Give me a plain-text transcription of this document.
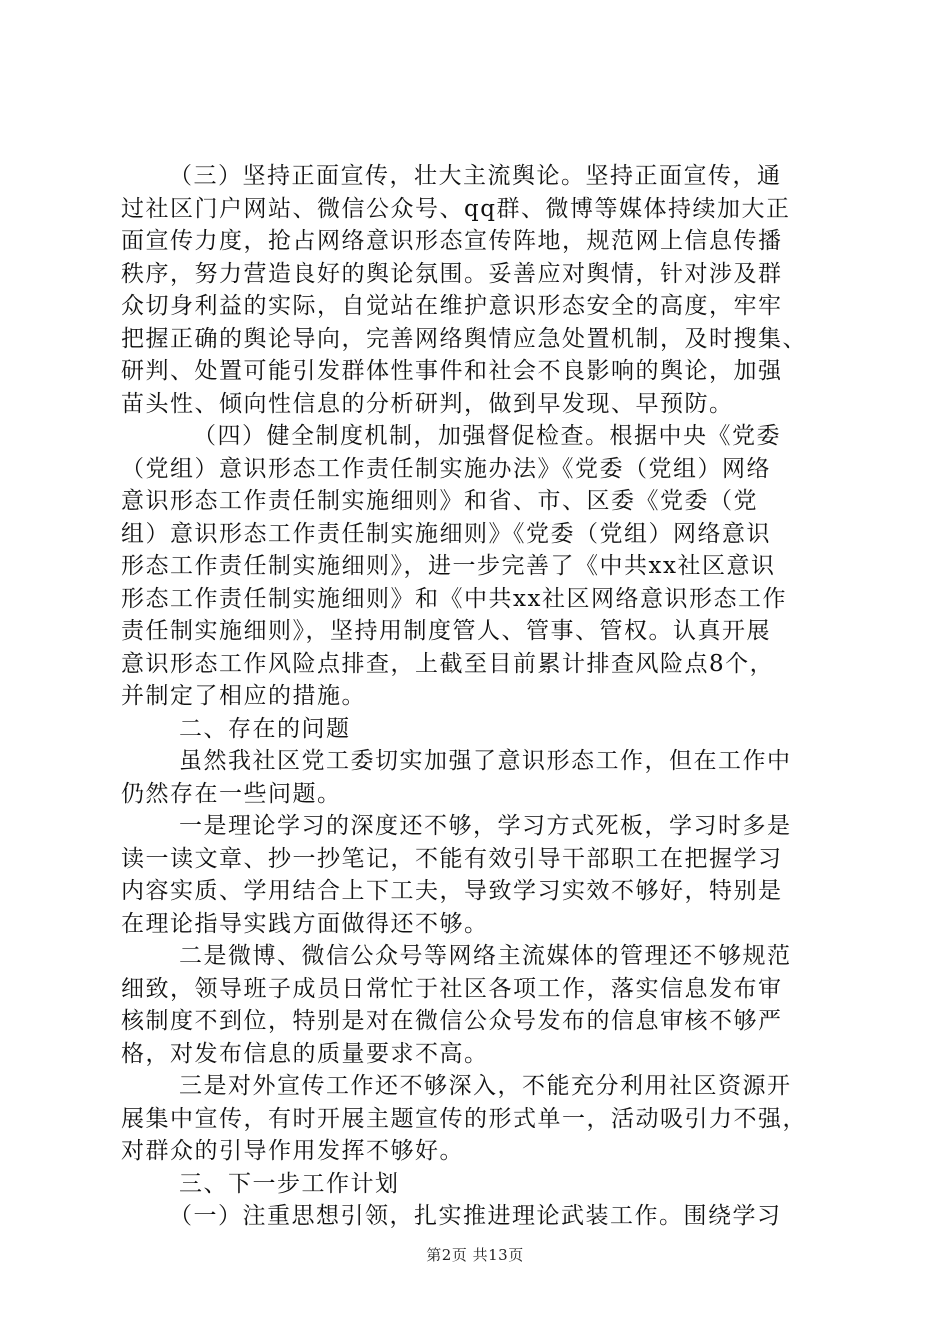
（三）坚持正面宣传，壮大主流舆论。坚持正面宣传，通
过社区门户网站、微信公众号、qq群、微博等媒体持续加大正
面宣传力度，抢占网络意识形态宣传阵地，规范网上信息传播
秩序，努力营造良好的舆论氛围。妥善应对舆情，针对涉及群
众切身利益的实际，自觉站在维护意识形态安全的高度，牢牢
把握正确的舆论导向，完善网络舆情应急处置机制，及时搜集、
研判、处置可能引发群体性事件和社会不良影响的舆论，加强
苗头性、倾向性信息的分析研判，做到早发现、早预防。
（四）健全制度机制，加强督促检查。根据中央《党委
（党组）意识形态工作责任制实施办法》《党委（党组）网络
意识形态工作责任制实施细则》和省、市、区委《党委（党
组）意识形态工作责任制实施细则》《党委（党组）网络意识
形态工作责任制实施细则》，进一步完善了《中共xx社区意识
形态工作责任制实施细则》和《中共xx社区网络意识形态工作
责任制实施细则》，坚持用制度管人、管事、管权。认真开展
意识形态工作风险点排查，上截至目前累计排查风险点8个，
并制定了相应的措施。
二、存在的问题
虽然我社区党工委切实加强了意识形态工作，但在工作中
仍然存在一些问题。
一是理论学习的深度还不够，学习方式死板，学习时多是
读一读文章、抄一抄笔记，不能有效引导干部职工在把握学习
内容实质、学用结合上下工夫，导致学习实效不够好，特别是
在理论指导实践方面做得还不够。
二是微博、微信公众号等网络主流媒体的管理还不够规范
细致，领导班子成员日常忙于社区各项工作，落实信息发布审
核制度不到位，特别是对在微信公众号发布的信息审核不够严
格，对发布信息的质量要求不高。
三是对外宣传工作还不够深入，不能充分利用社区资源开
展集中宣传，有时开展主题宣传的形式单一，活动吸引力不强，
对群众的引导作用发挥不够好。
三、下一步工作计划
（一）注重思想引领，扎实推进理论武装工作。围绕学习
第2页 共13页
